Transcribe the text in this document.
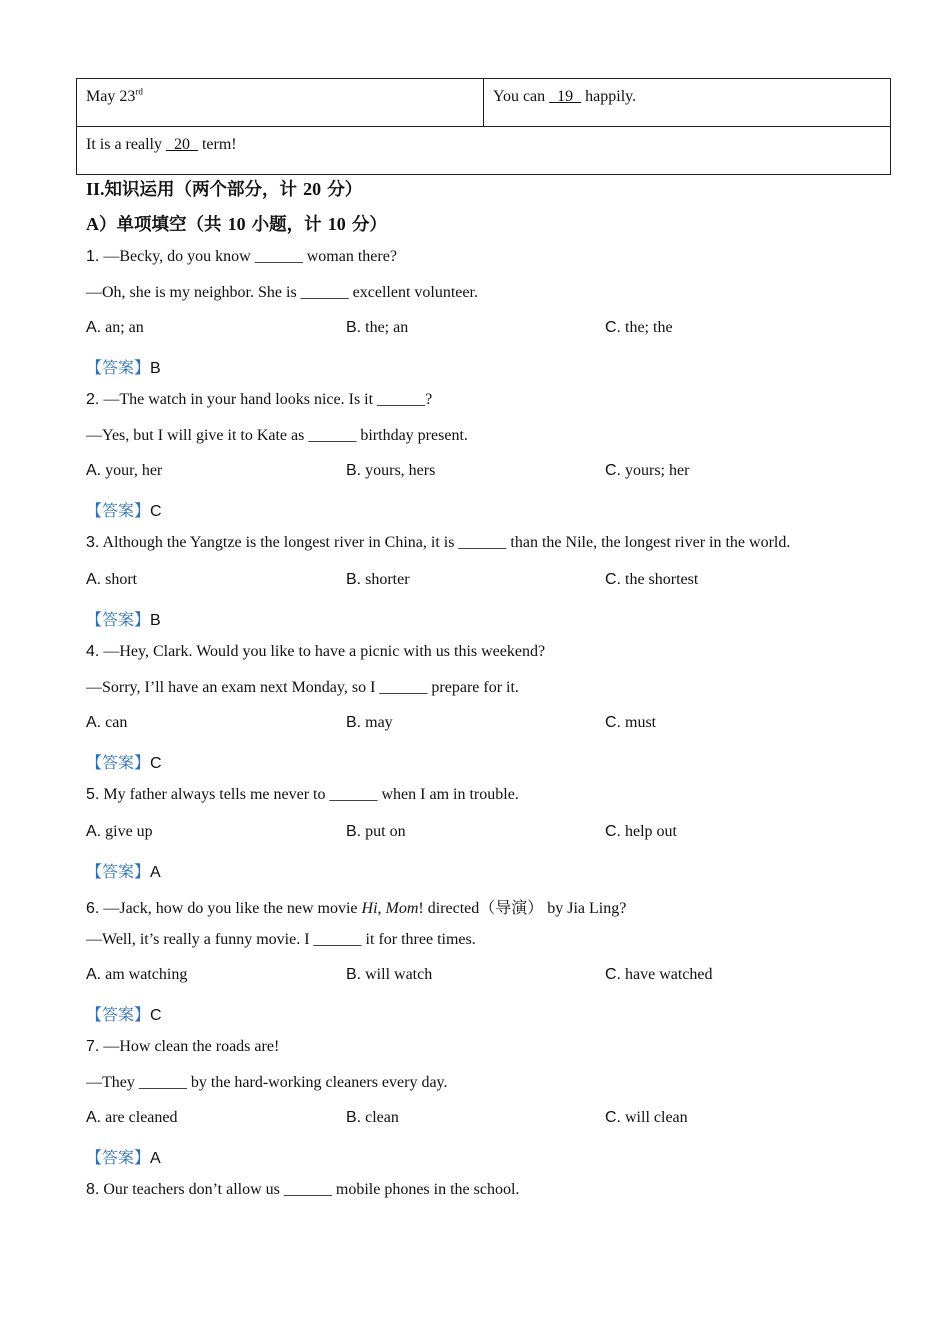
May 23rd	You can   19   happily.
It is a really   20   term!
II.知识运用（两个部分，计 20 分）
A）单项填空（共 10 小题，计 10 分）
1. —Becky, do you know ______ woman there?
—Oh, she is my neighbor. She is ______ excellent volunteer.
A. an; an	B. the; an	C. the; the
【答案】B
2. —The watch in your hand looks nice. Is it ______?
—Yes, but I will give it to Kate as ______ birthday present.
A. your, her	B. yours, hers	C. yours; her
【答案】C
3. Although the Yangtze is the longest river in China, it is ______ than the Nile, the longest river in the world.
A. short	B. shorter	C. the shortest
【答案】B
4. —Hey, Clark. Would you like to have a picnic with us this weekend?
—Sorry, I’ll have an exam next Monday, so I ______ prepare for it.
A. can	B. may	C. must
【答案】C
5. My father always tells me never to ______ when I am in trouble.
A. give up	B. put on	C. help out
【答案】A
6. —Jack, how do you like the new movie Hi, Mom! directed（导演） by Jia Ling?
—Well, it’s really a funny movie. I ______ it for three times.
A. am watching	B. will watch	C. have watched
【答案】C
7. —How clean the roads are!
—They ______ by the hard-working cleaners every day.
A. are cleaned	B. clean	C. will clean
【答案】A
8. Our teachers don’t allow us ______ mobile phones in the school.
